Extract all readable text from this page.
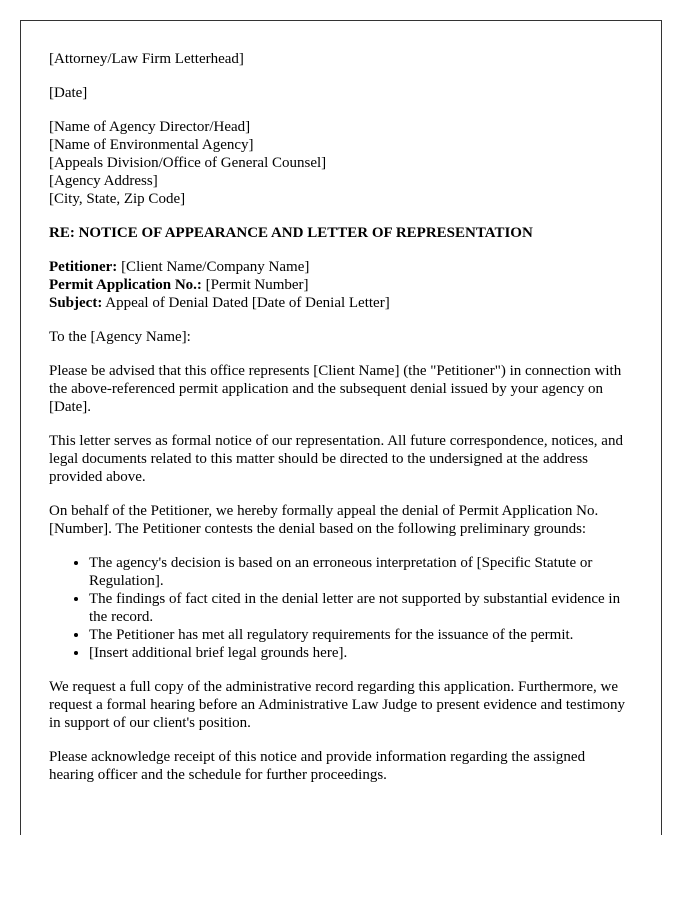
[Attorney/Law Firm Letterhead]

[Date]

[Name of Agency Director/Head]
[Name of Environmental Agency]
[Appeals Division/Office of General Counsel]
[Agency Address]
[City, State, Zip Code]

RE: NOTICE OF APPEARANCE AND LETTER OF REPRESENTATION

Petitioner: [Client Name/Company Name]
Permit Application No.: [Permit Number]
Subject: Appeal of Denial Dated [Date of Denial Letter]

To the [Agency Name]:

Please be advised that this office represents [Client Name] (the "Petitioner") in connection with the above-referenced permit application and the subsequent denial issued by your agency on [Date].

This letter serves as formal notice of our representation. All future correspondence, notices, and legal documents related to this matter should be directed to the undersigned at the address provided above.

On behalf of the Petitioner, we hereby formally appeal the denial of Permit Application No. [Number]. The Petitioner contests the denial based on the following preliminary grounds:

• The agency's decision is based on an erroneous interpretation of [Specific Statute or Regulation].
• The findings of fact cited in the denial letter are not supported by substantial evidence in the record.
• The Petitioner has met all regulatory requirements for the issuance of the permit.
• [Insert additional brief legal grounds here].

We request a full copy of the administrative record regarding this application. Furthermore, we request a formal hearing before an Administrative Law Judge to present evidence and testimony in support of our client's position.

Please acknowledge receipt of this notice and provide information regarding the assigned hearing officer and the schedule for further proceedings.
